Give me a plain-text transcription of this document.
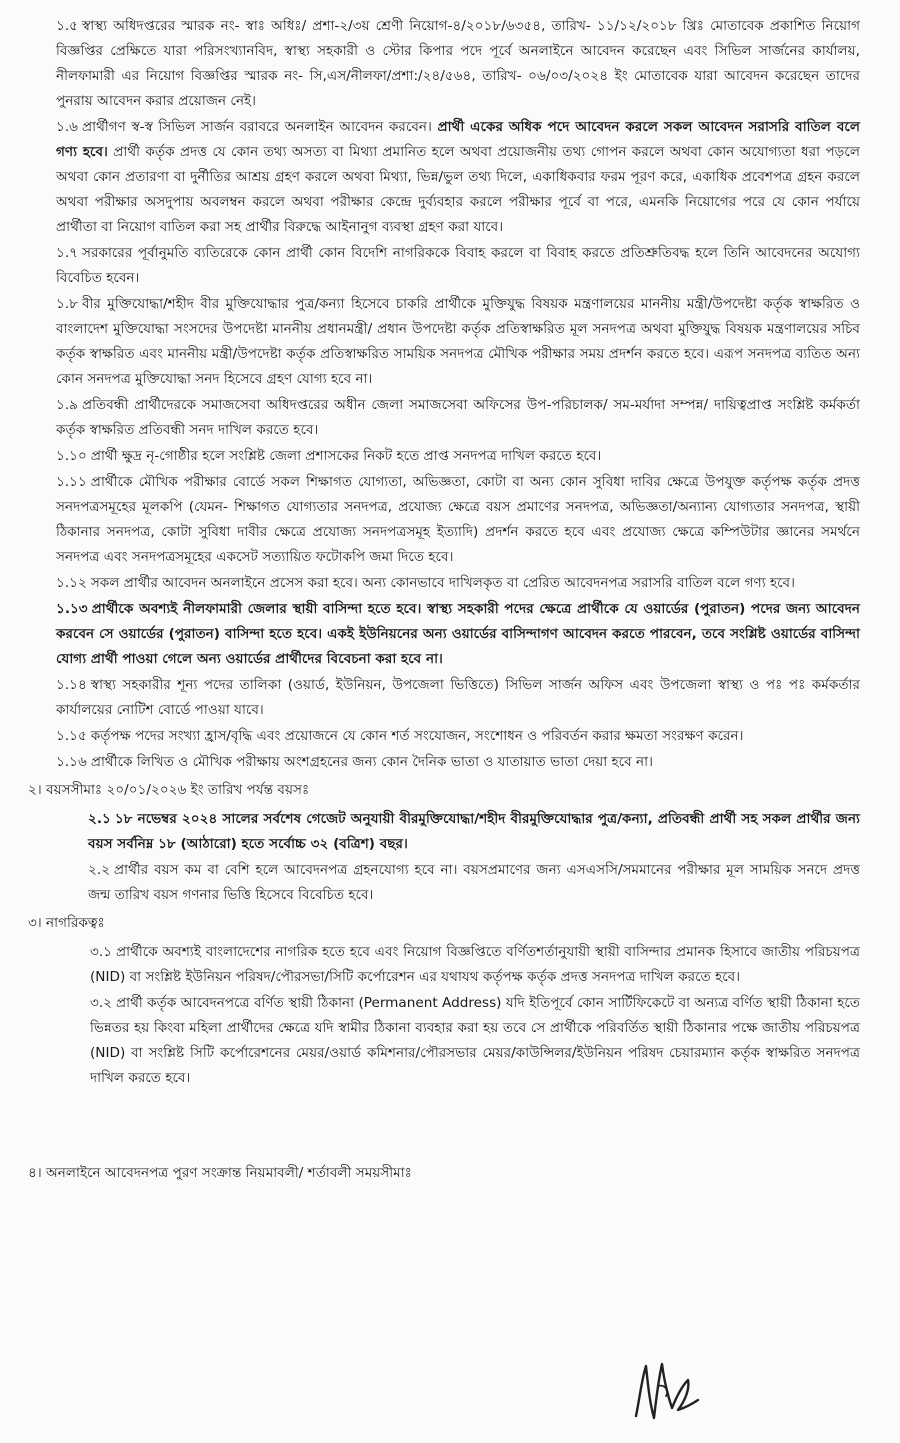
১.৫ স্বাস্থ্য অধিদপ্তরের স্মারক নং- স্বাঃ অধিঃ/ প্রশা-২/৩য় শ্রেণী নিয়োগ-৪/২০১৮/৬৩৫৪, তারিখ- ১১/১২/২০১৮ খ্রিঃ মোতাবেক প্রকাশিত নিয়োগ বিজ্ঞপ্তির প্রেক্ষিতে যারা পরিসংখ্যানবিদ, স্বাস্থ্য সহকারী ও স্টোর কিপার পদে পূর্বে অনলাইনে আবেদন করেছেন এবং সিভিল সার্জনের কার্যালয়, নীলফামারী এর নিয়োগ বিজ্ঞপ্তির স্মারক নং- সি,এস/নীলফা/প্রশা:/২৪/৫৬৪, তারিখ- ০৬/০৩/২০২৪ ইং মোতাবেক যারা আবেদন করেছেন তাদের পুনরায় আবেদন করার প্রয়োজন নেই।

১.৬ প্রার্থীগণ স্ব-স্ব সিভিল সার্জন বরাবরে অনলাইন আবেদন করবেন। প্রার্থী একের অধিক পদে আবেদন করলে সকল আবেদন সরাসরি বাতিল বলে গণ্য হবে। প্রার্থী কর্তৃক প্রদত্ত যে কোন তথ্য অসত্য বা মিথ্যা প্রমানিত হলে অথবা প্রয়োজনীয় তথ্য গোপন করলে অথবা কোন অযোগ্যতা ধরা পড়লে অথবা কোন প্রতারণা বা দুর্নীতির আশ্রয় গ্রহণ করলে অথবা মিথ্যা, ভিন্ন/ভুল তথ্য দিলে, একাধিকবার ফরম পূরণ করে, একাধিক প্রবেশপত্র গ্রহন করলে অথবা পরীক্ষার অসদুপায় অবলম্বন করলে অথবা পরীক্ষার কেন্দ্রে দুর্ব্যবহার করলে পরীক্ষার পূর্বে বা পরে, এমনকি নিয়োগের পরে যে কোন পর্যায়ে প্রার্থীতা বা নিয়োগ বাতিল করা সহ প্রার্থীর বিরুদ্ধে আইনানুগ ব্যবস্থা গ্রহণ করা যাবে।

১.৭ সরকারের পূর্বানুমতি ব্যতিরেকে কোন প্রার্থী কোন বিদেশি নাগরিককে বিবাহ করলে বা বিবাহ করতে প্রতিশ্রুতিবদ্ধ হলে তিনি আবেদনের অযোগ্য বিবেচিত হবেন।

১.৮ বীর মুক্তিযোদ্ধা/শহীদ বীর মুক্তিযোদ্ধার পুত্র/কন্যা হিসেবে চাকরি প্রার্থীকে মুক্তিযুদ্ধ বিষয়ক মন্ত্রণালয়ের মাননীয় মন্ত্রী/উপদেষ্টা কর্তৃক স্বাক্ষরিত ও বাংলাদেশ মুক্তিযোদ্ধা সংসদের উপদেষ্টা মাননীয় প্রধানমন্ত্রী/ প্রধান উপদেষ্টা কর্তৃক প্রতিস্বাক্ষরিত মূল সনদপত্র অথবা মুক্তিযুদ্ধ বিষয়ক মন্ত্রণালয়ের সচিব কর্তৃক স্বাক্ষরিত এবং মাননীয় মন্ত্রী/উপদেষ্টা কর্তৃক প্রতিস্বাক্ষরিত সাময়িক সনদপত্র মৌখিক পরীক্ষার সময় প্রদর্শন করতে হবে। এরূপ সনদপত্র ব্যতিত অন্য কোন সনদপত্র মুক্তিযোদ্ধা সনদ হিসেবে গ্রহণ যোগ্য হবে না।

১.৯ প্রতিবন্ধী প্রার্থীদেরকে সমাজসেবা অধিদপ্তরের অধীন জেলা সমাজসেবা অফিসের উপ-পরিচালক/ সম-মর্যাদা সম্পন্ন/ দায়িত্বপ্রাপ্ত সংশ্লিষ্ট কর্মকর্তা কর্তৃক স্বাক্ষরিত প্রতিবন্ধী সনদ দাখিল করতে হবে।

১.১০ প্রার্থী ক্ষুদ্র নৃ-গোষ্ঠীর হলে সংশ্লিষ্ট জেলা প্রশাসকের নিকট হতে প্রাপ্ত সনদপত্র দাখিল করতে হবে।

১.১১ প্রার্থীকে মৌখিক পরীক্ষার বোর্ডে সকল শিক্ষাগত যোগ্যতা, অভিজ্ঞতা, কোটা বা অন্য কোন সুবিধা দাবির ক্ষেত্রে উপযুক্ত কর্তৃপক্ষ কর্তৃক প্রদত্ত সনদপত্রসমূহের মূলকপি (যেমন- শিক্ষাগত যোগ্যতার সনদপত্র, প্রযোজ্য ক্ষেত্রে বয়স প্রমাণের সনদপত্র, অভিজ্ঞতা/অন্যান্য যোগ্যতার সনদপত্র, স্থায়ী ঠিকানার সনদপত্র, কোটা সুবিধা দাবীর ক্ষেত্রে প্রযোজ্য সনদপত্রসমূহ ইত্যাদি) প্রদর্শন করতে হবে এবং প্রযোজ্য ক্ষেত্রে কম্পিউটার জ্ঞানের সমর্থনে সনদপত্র এবং সনদপত্রসমূহের একসেট সত্যায়িত ফটোকপি জমা দিতে হবে।

১.১২ সকল প্রার্থীর আবেদন অনলাইনে প্রসেস করা হবে। অন্য কোনভাবে দাখিলকৃত বা প্রেরিত আবেদনপত্র সরাসরি বাতিল বলে গণ্য হবে।

১.১৩ প্রার্থীকে অবশ্যই নীলফামারী জেলার স্থায়ী বাসিন্দা হতে হবে। স্বাস্থ্য সহকারী পদের ক্ষেত্রে প্রার্থীকে যে ওয়ার্ডের (পুরাতন) পদের জন্য আবেদন করবেন সে ওয়ার্ডের (পুরাতন) বাসিন্দা হতে হবে। একই ইউনিয়নের অন্য ওয়ার্ডের বাসিন্দাগণ আবেদন করতে পারবেন, তবে সংশ্লিষ্ট ওয়ার্ডের বাসিন্দা যোগ্য প্রার্থী পাওয়া গেলে অন্য ওয়ার্ডের প্রার্থীদের বিবেচনা করা হবে না।

১.১৪ স্বাস্থ্য সহকারীর শূন্য পদের তালিকা (ওয়ার্ড, ইউনিয়ন, উপজেলা ভিত্তিতে) সিভিল সার্জন অফিস এবং উপজেলা স্বাস্থ্য ও পঃ পঃ কর্মকর্তার কার্যালয়ের নোটিশ বোর্ডে পাওয়া যাবে।

১.১৫ কর্তৃপক্ষ পদের সংখ্যা হ্রাস/বৃদ্ধি এবং প্রয়োজনে যে কোন শর্ত সংযোজন, সংশোধন ও পরিবর্তন করার ক্ষমতা সংরক্ষণ করেন।

১.১৬ প্রার্থীকে লিখিত ও মৌখিক পরীক্ষায় অংশগ্রহনের জন্য কোন দৈনিক ভাতা ও যাতায়াত ভাতা দেয়া হবে না।

২। বয়সসীমাঃ ২০/০১/২০২৬ ইং তারিখ পর্যন্ত বয়সঃ

২.১ ১৮ নভেম্বর ২০২৪ সালের সর্বশেষ গেজেট অনুযায়ী বীরমুক্তিযোদ্ধা/শহীদ বীরমুক্তিযোদ্ধার পুত্র/কন্যা, প্রতিবন্ধী প্রার্থী সহ সকল প্রার্থীর জন্য বয়স সর্বনিম্ন ১৮ (আঠারো) হতে সর্বোচ্চ ৩২ (বত্রিশ) বছর।

২.২ প্রার্থীর বয়স কম বা বেশি হলে আবেদনপত্র গ্রহনযোগ্য হবে না। বয়সপ্রমাণের জন্য এসএসসি/সমমানের পরীক্ষার মূল সাময়িক সনদে প্রদত্ত জন্ম তারিখ বয়স গণনার ভিত্তি হিসেবে বিবেচিত হবে।

৩। নাগরিকত্বঃ

৩.১ প্রার্থীকে অবশ্যই বাংলাদেশের নাগরিক হতে হবে এবং নিয়োগ বিজ্ঞপ্তিতে বর্ণিতশর্তানুযায়ী স্থায়ী বাসিন্দার প্রমানক হিসাবে জাতীয় পরিচয়পত্র (NID) বা সংশ্লিষ্ট ইউনিয়ন পরিষদ/পৌরসভা/সিটি কর্পোরেশন এর যথাযথ কর্তৃপক্ষ কর্তৃক প্রদত্ত সনদপত্র দাখিল করতে হবে।

৩.২ প্রার্থী কর্তৃক আবেদনপত্রে বর্ণিত স্থায়ী ঠিকানা (Permanent Address) যদি ইতিপূর্বে কোন সার্টিফিকেটে বা অন্যত্র বর্ণিত স্থায়ী ঠিকানা হতে ভিন্নতর হয় কিংবা মহিলা প্রার্থীদের ক্ষেত্রে যদি স্বামীর ঠিকানা ব্যবহার করা হয় তবে সে প্রার্থীকে পরিবর্তিত স্থায়ী ঠিকানার পক্ষে জাতীয় পরিচয়পত্র (NID) বা সংশ্লিষ্ট সিটি কর্পোরেশনের মেয়র/ওয়ার্ড কমিশনার/পৌরসভার মেয়র/কাউন্সিলর/ইউনিয়ন পরিষদ চেয়ারম্যান কর্তৃক স্বাক্ষরিত সনদপত্র দাখিল করতে হবে।

৪। অনলাইনে আবেদনপত্র পুরণ সংক্রান্ত নিয়মাবলী/ শর্তাবলী সময়সীমাঃ
